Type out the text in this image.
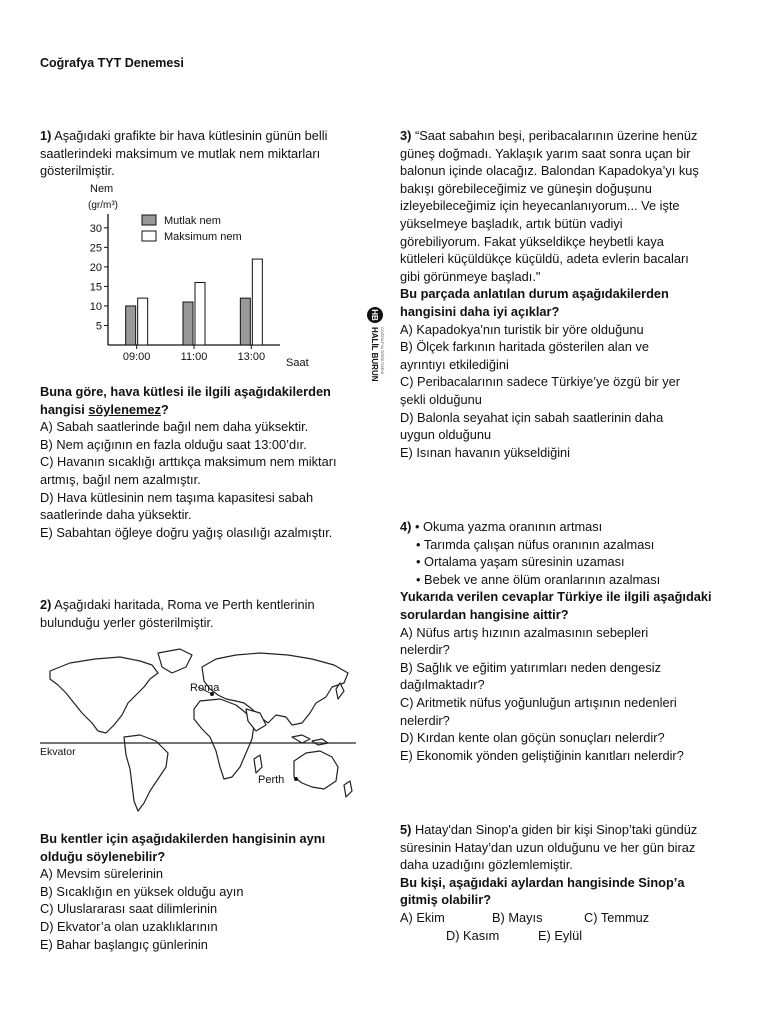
Coğrafya TYT Denemesi
1) Aşağıdaki grafikte bir hava kütlesinin günün belli
saatlerindeki maksimum ve mutlak nem miktarları
gösterilmiştir.
Nem
(gr/m³)
5
10
15
20
25
30
09:00	11:00	13:00
Mutlak nem
Maksimum nem
Saat
Buna göre, hava kütlesi ile ilgili aşağıdakilerden
hangisi söylenemez?
A) Sabah saatlerinde bağıl nem daha yüksektir.
B) Nem açığının en fazla olduğu saat 13:00’dır.
C) Havanın sıcaklığı arttıkça maksimum nem miktarı
artmış, bağıl nem azalmıştır.
D) Hava kütlesinin nem taşıma kapasitesi sabah
saatlerinde daha yüksektir.
E) Sabahtan öğleye doğru yağış olasılığı azalmıştır.
2) Aşağıdaki haritada, Roma ve Perth kentlerinin
bulunduğu yerler gösterilmiştir.
Roma
Perth
Ekvator
Bu kentler için aşağıdakilerden hangisinin aynı
olduğu söylenebilir?
A) Mevsim sürelerinin
B) Sıcaklığın en yüksek olduğu ayın
C) Uluslararası saat dilimlerinin
D) Ekvator’a olan uzaklıklarının
E) Bahar başlangıç günlerinin
HB
HALİL BURUN COĞRAFYA ÖĞRETMENİ
3) “Saat sabahın beşi, peribacalarının üzerine henüz
güneş doğmadı. Yaklaşık yarım saat sonra uçan bir
balonun içinde olacağız. Balondan Kapadokya’yı kuş
bakışı görebileceğimiz ve güneşin doğuşunu
izleyebileceğimiz için heyecanlanıyorum... Ve işte
yükselmeye başladık, artık bütün vadiyi
görebiliyorum. Fakat yükseldikçe heybetli kaya
kütleleri küçüldükçe küçüldü, adeta evlerin bacaları
gibi görünmeye başladı."
Bu parçada anlatılan durum aşağıdakilerden
hangisini daha iyi açıklar?
A) Kapadokya'nın turistik bir yöre olduğunu
B) Ölçek farkının haritada gösterilen alan ve
ayrıntıyı etkilediğini
C) Peribacalarının sadece Türkiye’ye özgü bir yer
şekli olduğunu
D) Balonla seyahat için sabah saatlerinin daha
uygun olduğunu
E) Isınan havanın yükseldiğini
4) • Okuma yazma oranının artması
• Tarımda çalışan nüfus oranının azalması
• Ortalama yaşam süresinin uzaması
• Bebek ve anne ölüm oranlarının azalması
Yukarıda verilen cevaplar Türkiye ile ilgili aşağıdaki
sorulardan hangisine aittir?
A) Nüfus artış hızının azalmasının sebepleri
nelerdir?
B) Sağlık ve eğitim yatırımları neden dengesiz
dağılmaktadır?
C) Aritmetik nüfus yoğunluğun artışının nedenleri
nelerdir?
D) Kırdan kente olan göçün sonuçları nelerdir?
E) Ekonomik yönden geliştiğinin kanıtları nelerdir?
5) Hatay'dan Sinop'a giden bir kişi Sinop’taki gündüz
süresinin Hatay’dan uzun olduğunu ve her gün biraz
daha uzadığını gözlemlemiştir.
Bu kişi, aşağıdaki aylardan hangisinde Sinop’a
gitmiş olabilir?
A) Ekim	B) Mayıs	C) Temmuz
D) Kasım	E) Eylül
